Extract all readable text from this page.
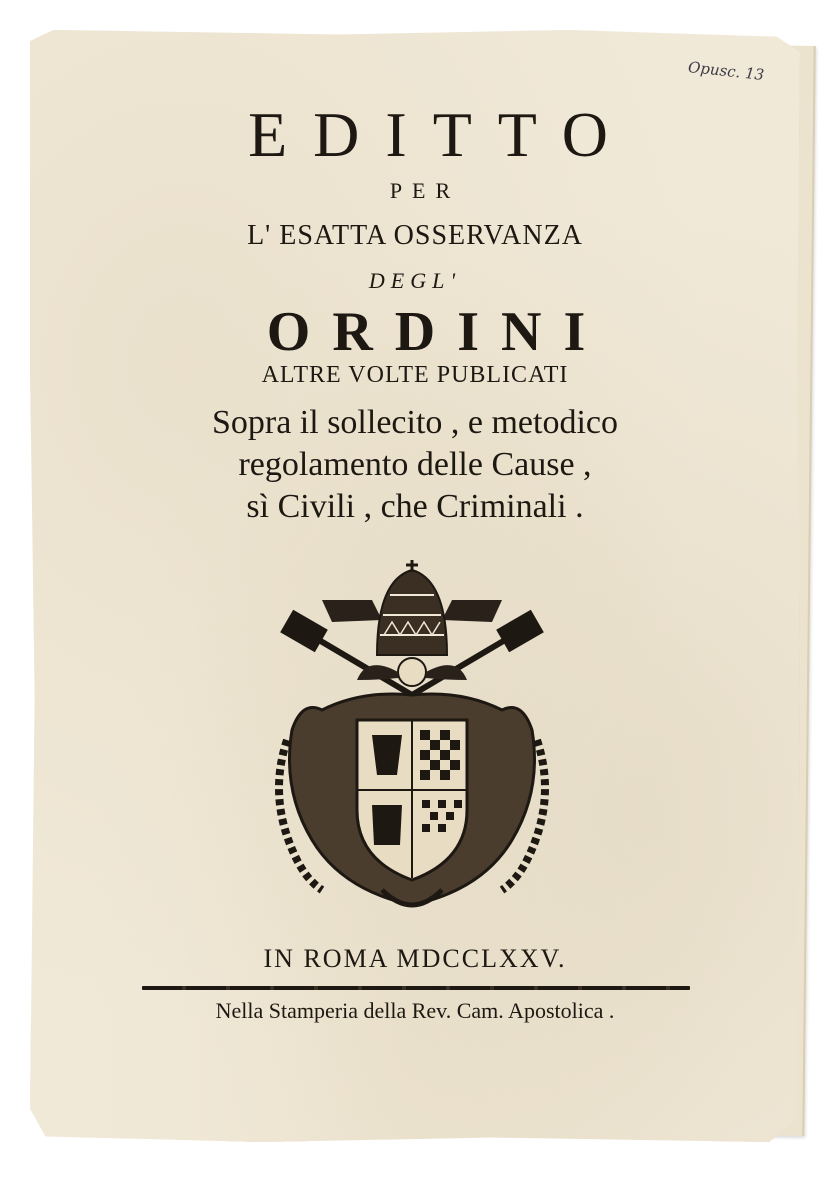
Opusc. 13
EDITTO
PER
L' ESATTA OSSERVANZA
DEGL'
ORDINI
ALTRE VOLTE PUBLICATI
Sopra il sollecito , e metodico
regolamento delle Cause ,
sì Civili , che Criminali .
IN ROMA MDCCLXXV.
Nella Stamperia della Rev. Cam. Apostolica .
